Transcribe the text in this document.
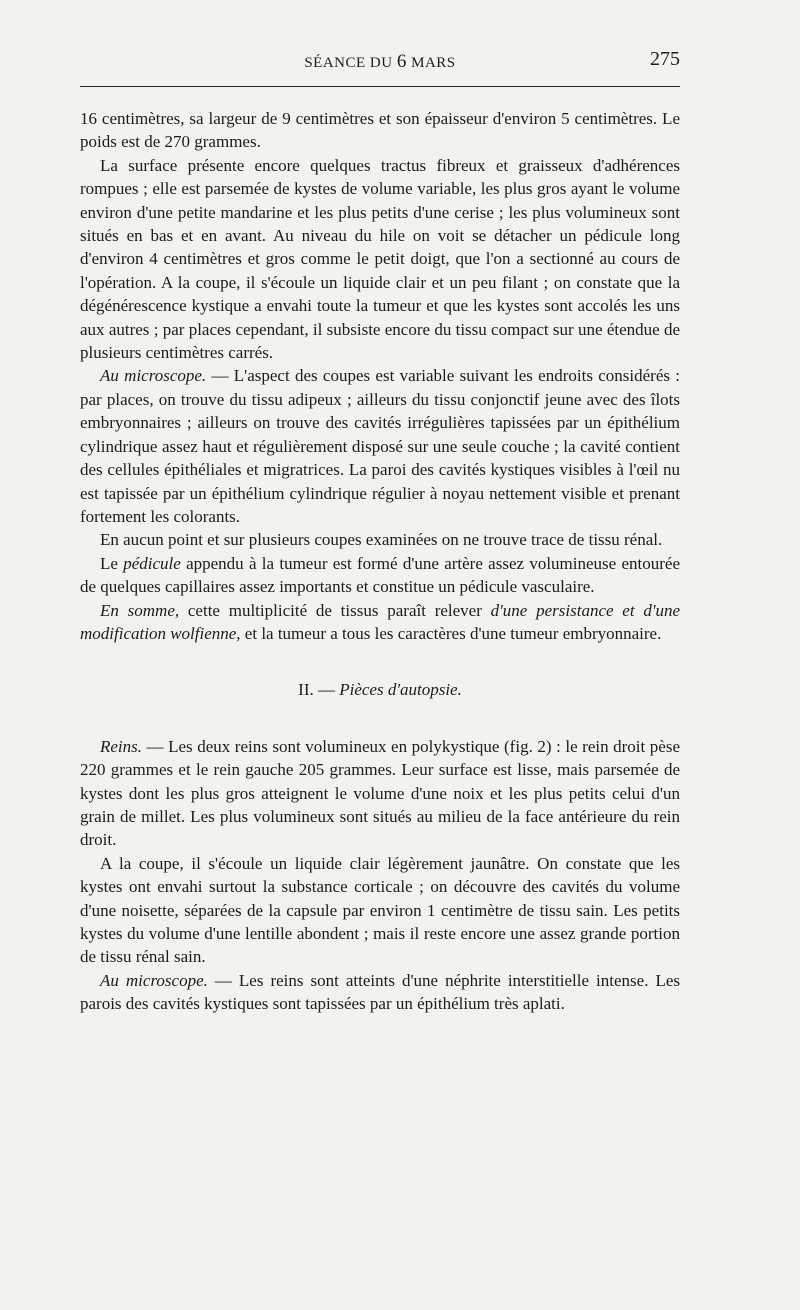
SÉANCE DU 6 MARS	275

16 centimètres, sa largeur de 9 centimètres et son épaisseur d'environ 5 centimètres. Le poids est de 270 grammes.

La surface présente encore quelques tractus fibreux et graisseux d'adhérences rompues ; elle est parsemée de kystes de volume variable, les plus gros ayant le volume environ d'une petite mandarine et les plus petits d'une cerise ; les plus volumineux sont situés en bas et en avant. Au niveau du hile on voit se détacher un pédicule long d'environ 4 centimètres et gros comme le petit doigt, que l'on a sectionné au cours de l'opération. A la coupe, il s'écoule un liquide clair et un peu filant ; on constate que la dégénérescence kystique a envahi toute la tumeur et que les kystes sont accolés les uns aux autres ; par places cependant, il subsiste encore du tissu compact sur une étendue de plusieurs centimètres carrés.

Au microscope. — L'aspect des coupes est variable suivant les endroits considérés : par places, on trouve du tissu adipeux ; ailleurs du tissu conjonctif jeune avec des îlots embryonnaires ; ailleurs on trouve des cavités irrégulières tapissées par un épithélium cylindrique assez haut et régulièrement disposé sur une seule couche ; la cavité contient des cellules épithéliales et migratrices. La paroi des cavités kystiques visibles à l'œil nu est tapissée par un épithélium cylindrique régulier à noyau nettement visible et prenant fortement les colorants.

En aucun point et sur plusieurs coupes examinées on ne trouve trace de tissu rénal.

Le pédicule appendu à la tumeur est formé d'une artère assez volumineuse entourée de quelques capillaires assez importants et constitue un pédicule vasculaire.

En somme, cette multiplicité de tissus paraît relever d'une persistance et d'une modification wolfienne, et la tumeur a tous les caractères d'une tumeur embryonnaire.

II. — Pièces d'autopsie.

Reins. — Les deux reins sont volumineux en polykystique (fig. 2) : le rein droit pèse 220 grammes et le rein gauche 205 grammes. Leur surface est lisse, mais parsemée de kystes dont les plus gros atteignent le volume d'une noix et les plus petits celui d'un grain de millet. Les plus volumineux sont situés au milieu de la face antérieure du rein droit.

A la coupe, il s'écoule un liquide clair légèrement jaunâtre. On constate que les kystes ont envahi surtout la substance corticale ; on découvre des cavités du volume d'une noisette, séparées de la capsule par environ 1 centimètre de tissu sain. Les petits kystes du volume d'une lentille abondent ; mais il reste encore une assez grande portion de tissu rénal sain.

Au microscope. — Les reins sont atteints d'une néphrite interstitielle intense. Les parois des cavités kystiques sont tapissées par un épithélium très aplati.
